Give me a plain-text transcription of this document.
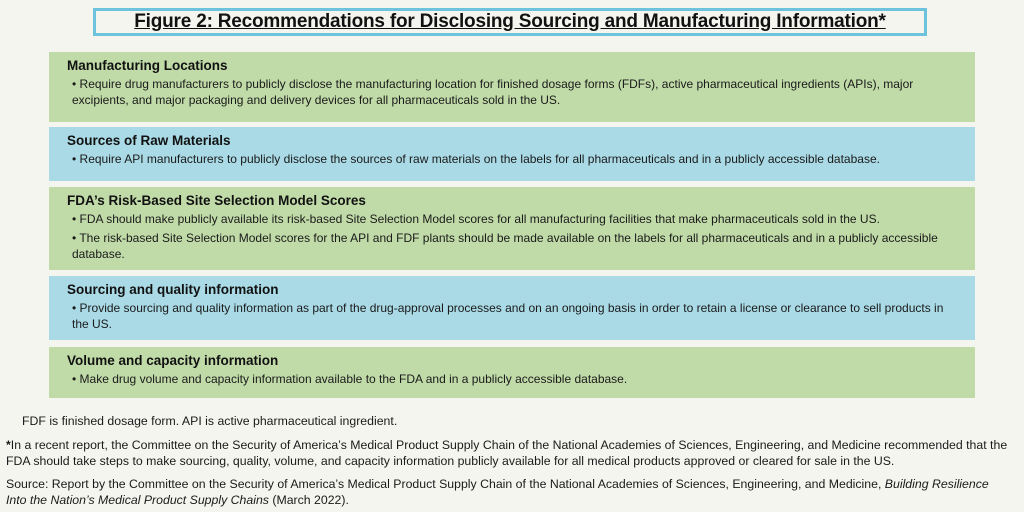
Figure 2: Recommendations for Disclosing Sourcing and Manufacturing Information*
Manufacturing Locations
• Require drug manufacturers to publicly disclose the manufacturing location for finished dosage forms (FDFs), active pharmaceutical ingredients (APIs), major excipients, and major packaging and delivery devices for all pharmaceuticals sold in the US.
Sources of Raw Materials
• Require API manufacturers to publicly disclose the sources of raw materials on the labels for all pharmaceuticals and in a publicly accessible database.
FDA’s Risk-Based Site Selection Model Scores
• FDA should make publicly available its risk-based Site Selection Model scores for all manufacturing facilities that make pharmaceuticals sold in the US.
• The risk-based Site Selection Model scores for the API and FDF plants should be made available on the labels for all pharmaceuticals and in a publicly accessible database.
Sourcing and quality information
• Provide sourcing and quality information as part of the drug-approval processes and on an ongoing basis in order to retain a license or clearance to sell products in the US.
Volume and capacity information
• Make drug volume and capacity information available to the FDA and in a publicly accessible database.
FDF is finished dosage form. API is active pharmaceutical ingredient.
*In a recent report, the Committee on the Security of America’s Medical Product Supply Chain of the National Academies of Sciences, Engineering, and Medicine recommended that the FDA should take steps to make sourcing, quality, volume, and capacity information publicly available for all medical products approved or cleared for sale in the US.
Source: Report by the Committee on the Security of America’s Medical Product Supply Chain of the National Academies of Sciences, Engineering, and Medicine, Building Resilience Into the Nation’s Medical Product Supply Chains (March 2022).
